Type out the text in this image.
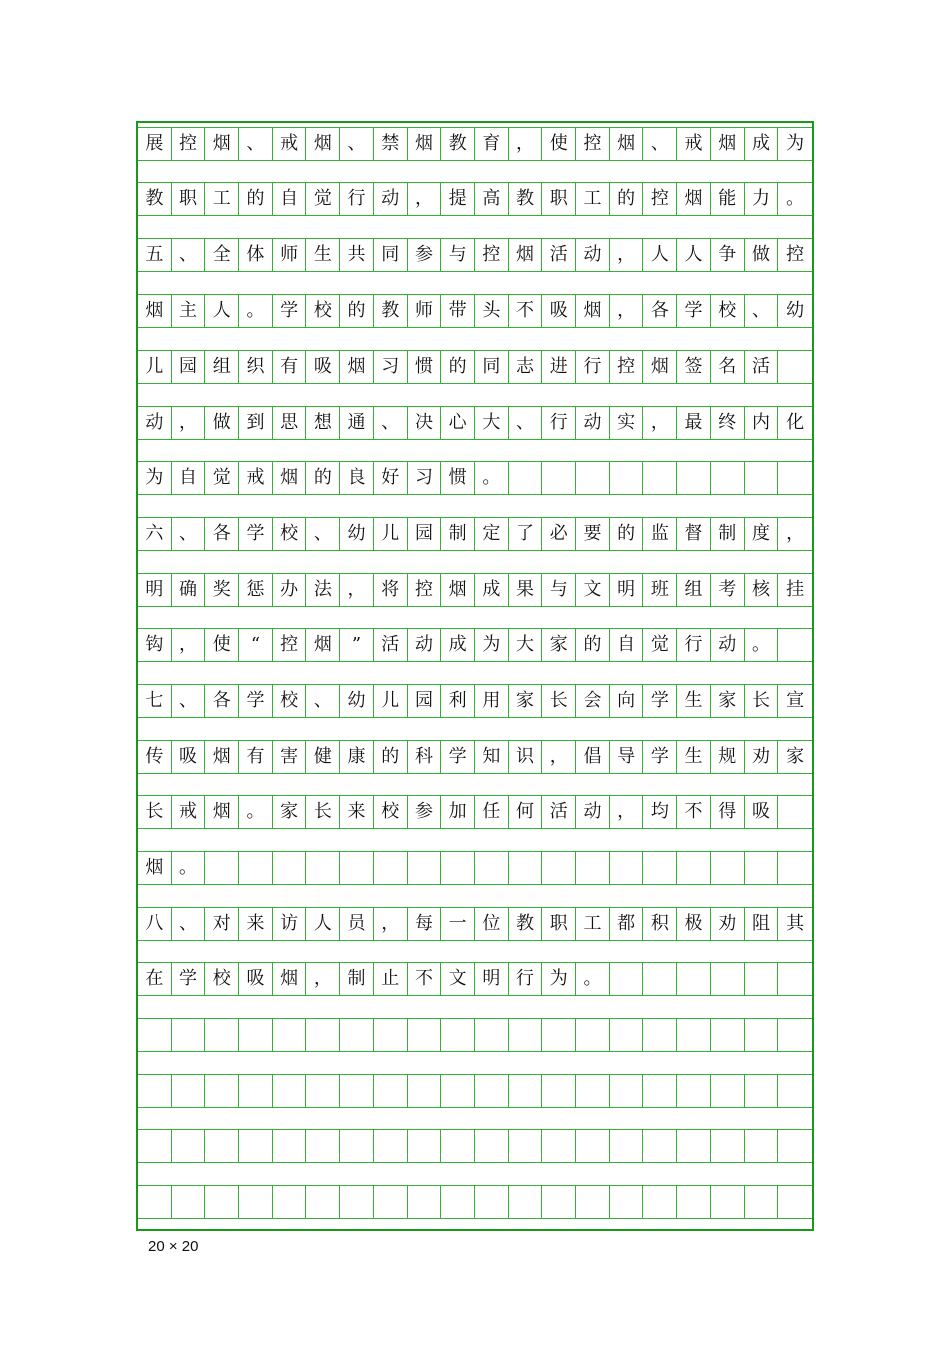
展 控 烟 、 戒 烟 、 禁 烟 教 育 ， 使 控 烟 、 戒 烟 成 为
教 职 工 的 自 觉 行 动 ， 提 高 教 职 工 的 控 烟 能 力 。
五 、 全 体 师 生 共 同 参 与 控 烟 活 动 ， 人 人 争 做 控
烟 主 人 。 学 校 的 教 师 带 头 不 吸 烟 ， 各 学 校 、 幼
儿 园 组 织 有 吸 烟 习 惯 的 同 志 进 行 控 烟 签 名 活
动 ， 做 到 思 想 通 、 决 心 大 、 行 动 实 ， 最 终 内 化
为 自 觉 戒 烟 的 良 好 习 惯 。
六 、 各 学 校 、 幼 儿 园 制 定 了 必 要 的 监 督 制 度 ，
明 确 奖 惩 办 法 ， 将 控 烟 成 果 与 文 明 班 组 考 核 挂
钩 ， 使	“	控 烟	”	活 动 成 为 大 家 的 自 觉 行 动 。
七 、 各 学 校 、 幼 儿 园 利 用 家 长 会 向 学 生 家 长 宣
传 吸 烟 有 害 健 康 的 科 学 知 识 ， 倡 导 学 生 规 劝 家
长 戒 烟 。 家 长 来 校 参 加 任 何 活 动 ， 均 不 得 吸
烟 。
八 、 对 来 访 人 员 ， 每 一 位 教 职 工 都 积 极 劝 阻 其
在 学 校 吸 烟 ， 制 止 不 文 明 行 为 。
20 × 20
